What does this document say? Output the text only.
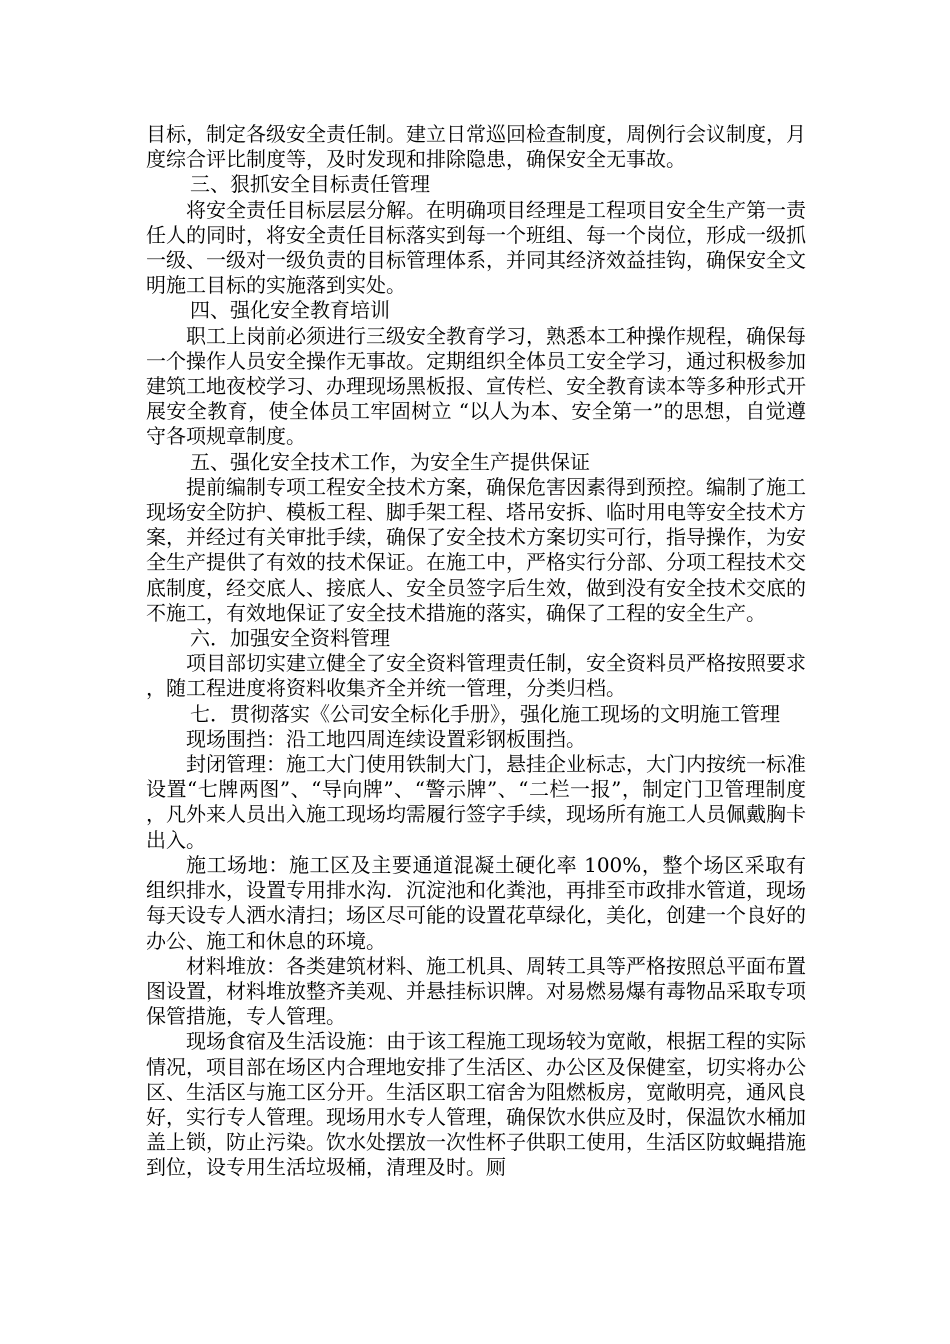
目标，制定各级安全责任制。建立日常巡回检查制度，周例行会议制度，月度综合评比制度等，及时发现和排除隐患，确保安全无事故。

三、狠抓安全目标责任管理

将安全责任目标层层分解。在明确项目经理是工程项目安全生产第一责任人的同时，将安全责任目标落实到每一个班组、每一个岗位，形成一级抓一级、一级对一级负责的目标管理体系，并同其经济效益挂钩，确保安全文明施工目标的实施落到实处。

四、强化安全教育培训

职工上岗前必须进行三级安全教育学习，熟悉本工种操作规程，确保每一个操作人员安全操作无事故。定期组织全体员工安全学习，通过积极参加建筑工地夜校学习、办理现场黑板报、宣传栏、安全教育读本等多种形式开展安全教育，使全体员工牢固树立 “以人为本、安全第一”的思想，自觉遵守各项规章制度。

五、强化安全技术工作，为安全生产提供保证

提前编制专项工程安全技术方案，确保危害因素得到预控。编制了施工现场安全防护、模板工程、脚手架工程、塔吊安拆、临时用电等安全技术方案，并经过有关审批手续，确保了安全技术方案切实可行，指导操作，为安全生产提供了有效的技术保证。在施工中，严格实行分部、分项工程技术交底制度，经交底人、接底人、安全员签字后生效，做到没有安全技术交底的不施工，有效地保证了安全技术措施的落实，确保了工程的安全生产。

六．加强安全资料管理

项目部切实建立健全了安全资料管理责任制，安全资料员严格按照要求，随工程进度将资料收集齐全并统一管理，分类归档。

七．贯彻落实《公司安全标化手册》，强化施工现场的文明施工管理

现场围挡：沿工地四周连续设置彩钢板围挡。

封闭管理：施工大门使用铁制大门，悬挂企业标志，大门内按统一标准设置“七牌两图”、“导向牌”、“警示牌”、“二栏一报”，制定门卫管理制度，凡外来人员出入施工现场均需履行签字手续，现场所有施工人员佩戴胸卡出入。

施工场地：施工区及主要通道混凝土硬化率 100%，整个场区采取有组织排水，设置专用排水沟．沉淀池和化粪池，再排至市政排水管道，现场每天设专人洒水清扫；场区尽可能的设置花草绿化，美化，创建一个良好的办公、施工和休息的环境。

材料堆放：各类建筑材料、施工机具、周转工具等严格按照总平面布置图设置，材料堆放整齐美观、并悬挂标识牌。对易燃易爆有毒物品采取专项保管措施，专人管理。

现场食宿及生活设施：由于该工程施工现场较为宽敞，根据工程的实际情况，项目部在场区内合理地安排了生活区、办公区及保健室，切实将办公区、生活区与施工区分开。生活区职工宿舍为阻燃板房，宽敞明亮，通风良好，实行专人管理。现场用水专人管理，确保饮水供应及时，保温饮水桶加盖上锁，防止污染。饮水处摆放一次性杯子供职工使用，生活区防蚊蝇措施到位，设专用生活垃圾桶，清理及时。厕
